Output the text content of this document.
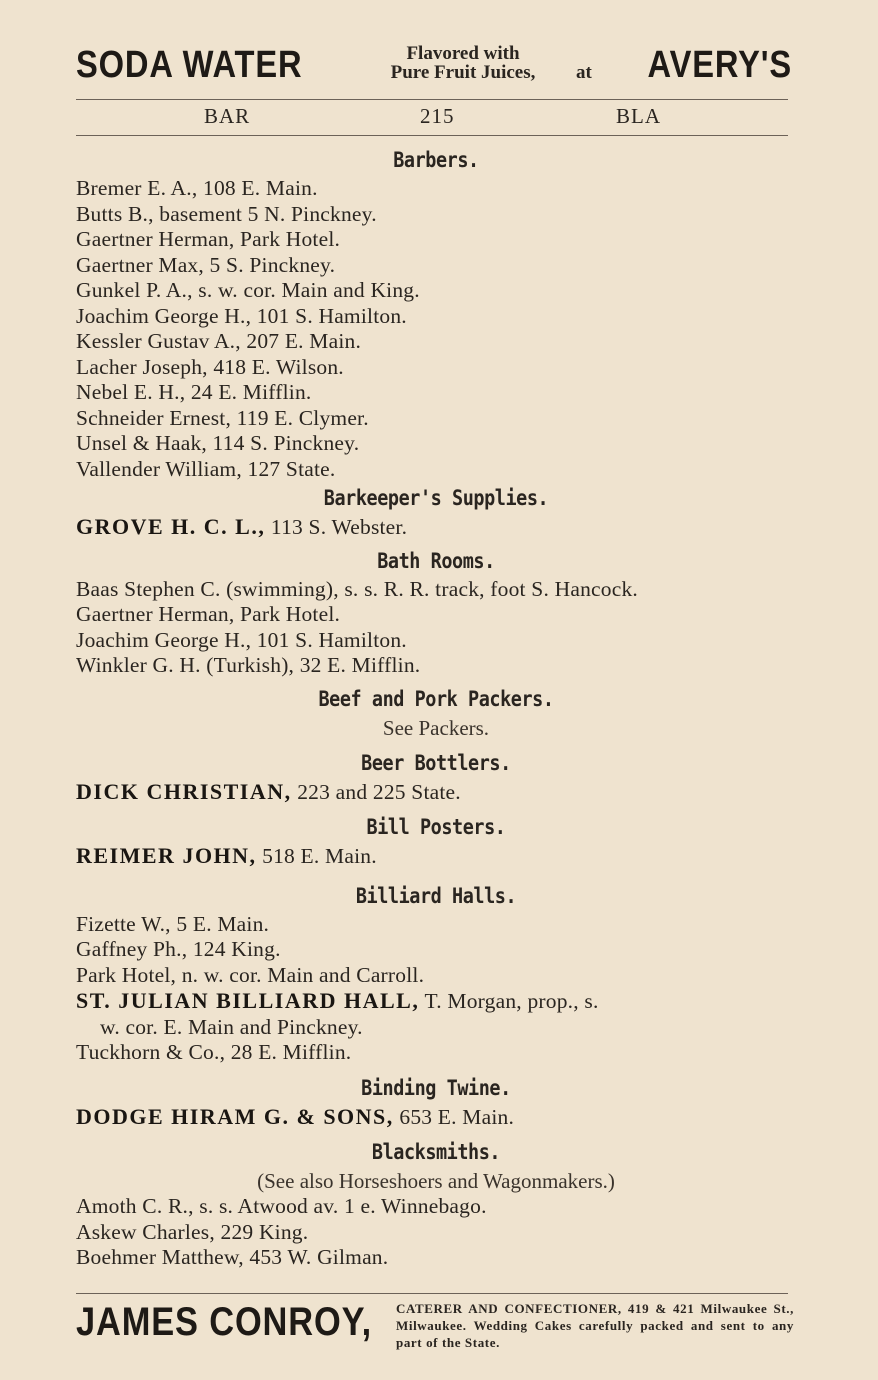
SODA WATER	Flavored with
Pure Fruit Juices,	at AVERY'S
BAR	215	BLA
Barbers.
Bremer E. A., 108 E. Main.
Butts B., basement 5 N. Pinckney.
Gaertner Herman, Park Hotel.
Gaertner Max, 5 S. Pinckney.
Gunkel P. A., s. w. cor. Main and King.
Joachim George H., 101 S. Hamilton.
Kessler Gustav A., 207 E. Main.
Lacher Joseph, 418 E. Wilson.
Nebel E. H., 24 E. Mifflin.
Schneider Ernest, 119 E. Clymer.
Unsel & Haak, 114 S. Pinckney.
Vallender William, 127 State.
Barkeeper's Supplies.
GROVE H. C. L., 113 S. Webster.
Bath Rooms.
Baas Stephen C. (swimming), s. s. R. R. track, foot S. Hancock.
Gaertner Herman, Park Hotel.
Joachim George H., 101 S. Hamilton.
Winkler G. H. (Turkish), 32 E. Mifflin.
Beef and Pork Packers.
See Packers.
Beer Bottlers.
DICK CHRISTIAN, 223 and 225 State.
Bill Posters.
REIMER JOHN, 518 E. Main.
Billiard Halls.
Fizette W., 5 E. Main.
Gaffney Ph., 124 King.
Park Hotel, n. w. cor. Main and Carroll.
ST. JULIAN BILLIARD HALL, T. Morgan, prop., s.
w. cor. E. Main and Pinckney.
Tuckhorn & Co., 28 E. Mifflin.
Binding Twine.
DODGE HIRAM G. & SONS, 653 E. Main.
Blacksmiths.
(See also Horseshoers and Wagonmakers.)
Amoth C. R., s. s. Atwood av. 1 e. Winnebago.
Askew Charles, 229 King.
Boehmer Matthew, 453 W. Gilman.
JAMES CONROY, CATERER AND CONFECTIONER, 419 & 421 Milwaukee St., Milwaukee. Wedding Cakes carefully packed and sent to any part of the State.
